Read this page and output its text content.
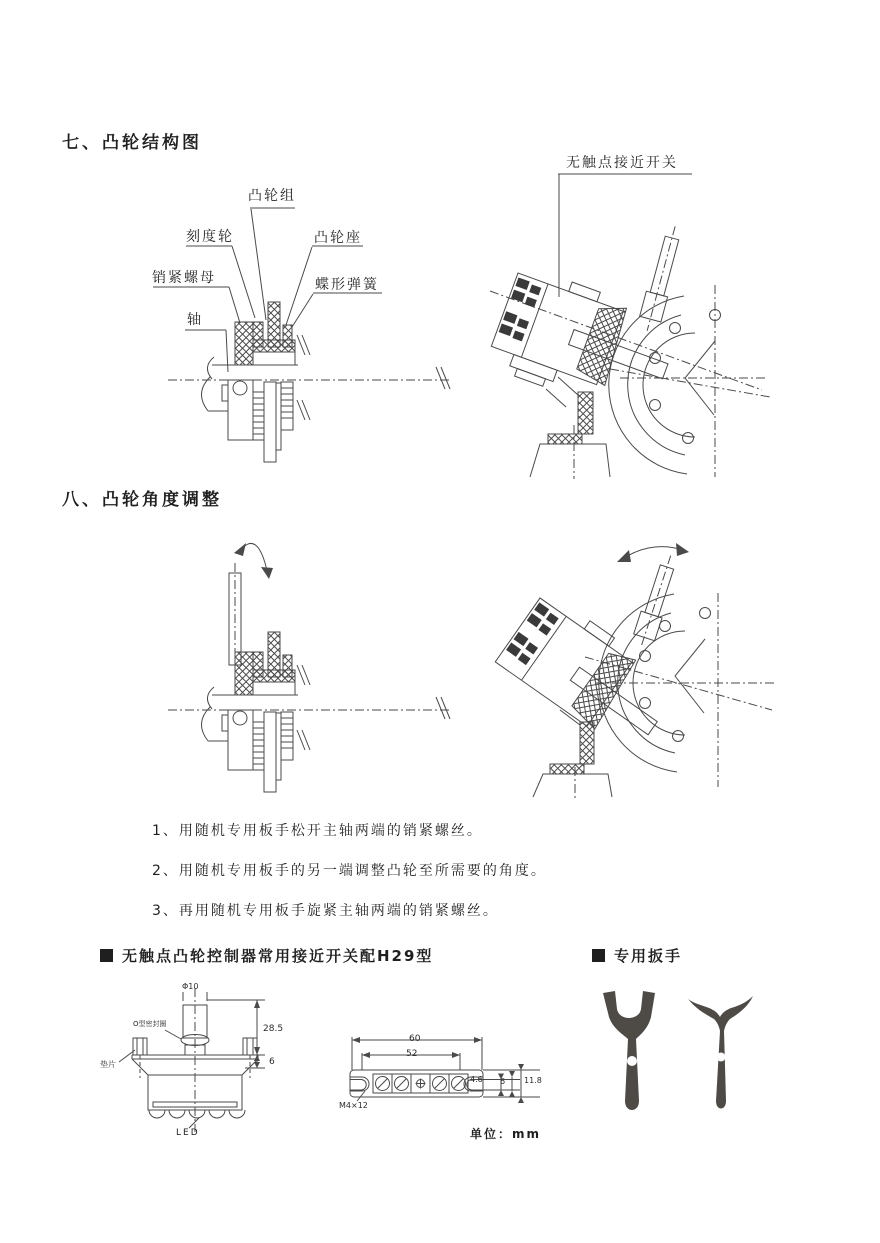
七、凸轮结构图
凸轮组
刻度轮	凸轮座
销紧螺母	蝶形弹簧
轴
无触点接近开关
八、凸轮角度调整
1、用随机专用板手松开主轴两端的销紧螺丝。
2、用随机专用板手的另一端调整凸轮至所需要的角度。
3、再用随机专用板手旋紧主轴两端的销紧螺丝。
无触点凸轮控制器常用接近开关配H29型
Φ10
O型密封圈
垫片
LED
28.5
6
60
52
4.6 6 11.8
M4×12
单位：mm
专用扳手
